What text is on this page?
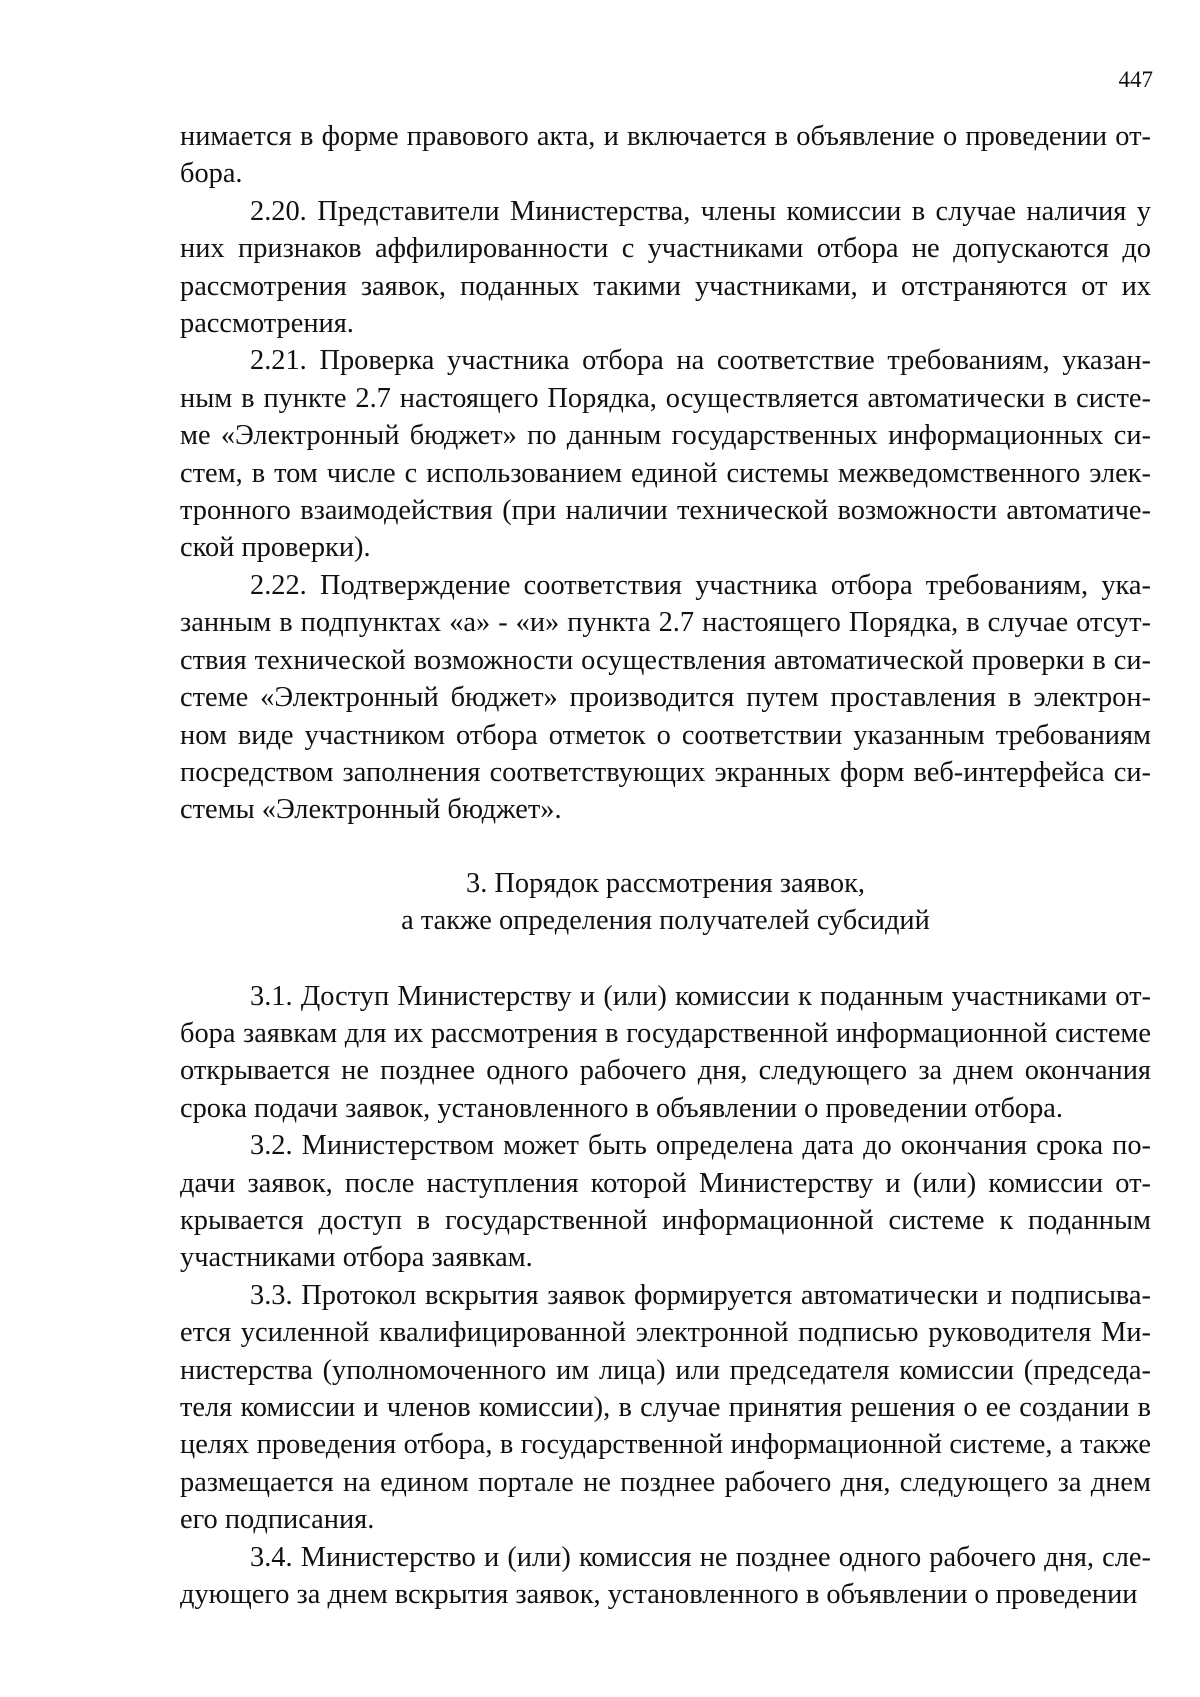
447

нимается в форме правового акта, и включается в объявление о проведении отбора.

2.20. Представители Министерства, члены комиссии в случае наличия у них признаков аффилированности с участниками отбора не допускаются до рассмотрения заявок, поданных такими участниками, и отстраняются от их рассмотрения.

2.21. Проверка участника отбора на соответствие требованиям, указанным в пункте 2.7 настоящего Порядка, осуществляется автоматически в системе «Электронный бюджет» по данным государственных информационных систем, в том числе с использованием единой системы межведомственного электронного взаимодействия (при наличии технической возможности автоматической проверки).

2.22. Подтверждение соответствия участника отбора требованиям, указанным в подпунктах «а» - «и» пункта 2.7 настоящего Порядка, в случае отсутствия технической возможности осуществления автоматической проверки в системе «Электронный бюджет» производится путем проставления в электронном виде участником отбора отметок о соответствии указанным требованиям посредством заполнения соответствующих экранных форм веб-интерфейса системы «Электронный бюджет».

3. Порядок рассмотрения заявок,
а также определения получателей субсидий

3.1. Доступ Министерству и (или) комиссии к поданным участниками отбора заявкам для их рассмотрения в государственной информационной системе открывается не позднее одного рабочего дня, следующего за днем окончания срока подачи заявок, установленного в объявлении о проведении отбора.

3.2. Министерством может быть определена дата до окончания срока подачи заявок, после наступления которой Министерству и (или) комиссии открывается доступ в государственной информационной системе к поданным участниками отбора заявкам.

3.3. Протокол вскрытия заявок формируется автоматически и подписывается усиленной квалифицированной электронной подписью руководителя Министерства (уполномоченного им лица) или председателя комиссии (председателя комиссии и членов комиссии), в случае принятия решения о ее создании в целях проведения отбора, в государственной информационной системе, а также размещается на едином портале не позднее рабочего дня, следующего за днем его подписания.

3.4. Министерство и (или) комиссия не позднее одного рабочего дня, следующего за днем вскрытия заявок, установленного в объявлении о проведении
